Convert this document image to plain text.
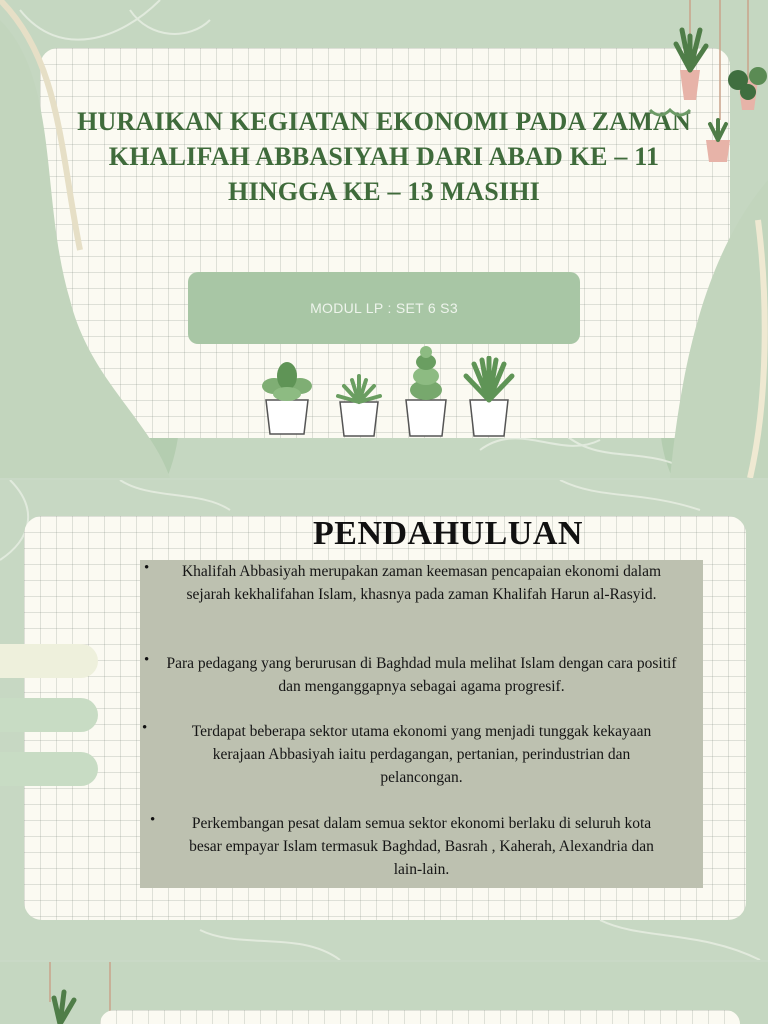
HURAIKAN KEGIATAN EKONOMI PADA ZAMAN KHALIFAH ABBASIYAH DARI ABAD KE – 11 HINGGA KE – 13 MASIHI
MODUL LP : SET 6 S3
PENDAHULUAN
•	Khalifah Abbasiyah merupakan zaman keemasan pencapaian ekonomi dalam sejarah kekhalifahan Islam, khasnya pada zaman Khalifah Harun al-Rasyid.
•	Para pedagang yang berurusan di Baghdad mula melihat Islam dengan cara positif dan menganggapnya sebagai agama progresif.
•	Terdapat beberapa sektor utama ekonomi yang menjadi tunggak kekayaan kerajaan Abbasiyah iaitu perdagangan, pertanian, perindustrian dan pelancongan.
•	Perkembangan pesat dalam semua sektor ekonomi berlaku di seluruh kota besar empayar Islam termasuk Baghdad, Basrah , Kaherah, Alexandria dan lain-lain.
